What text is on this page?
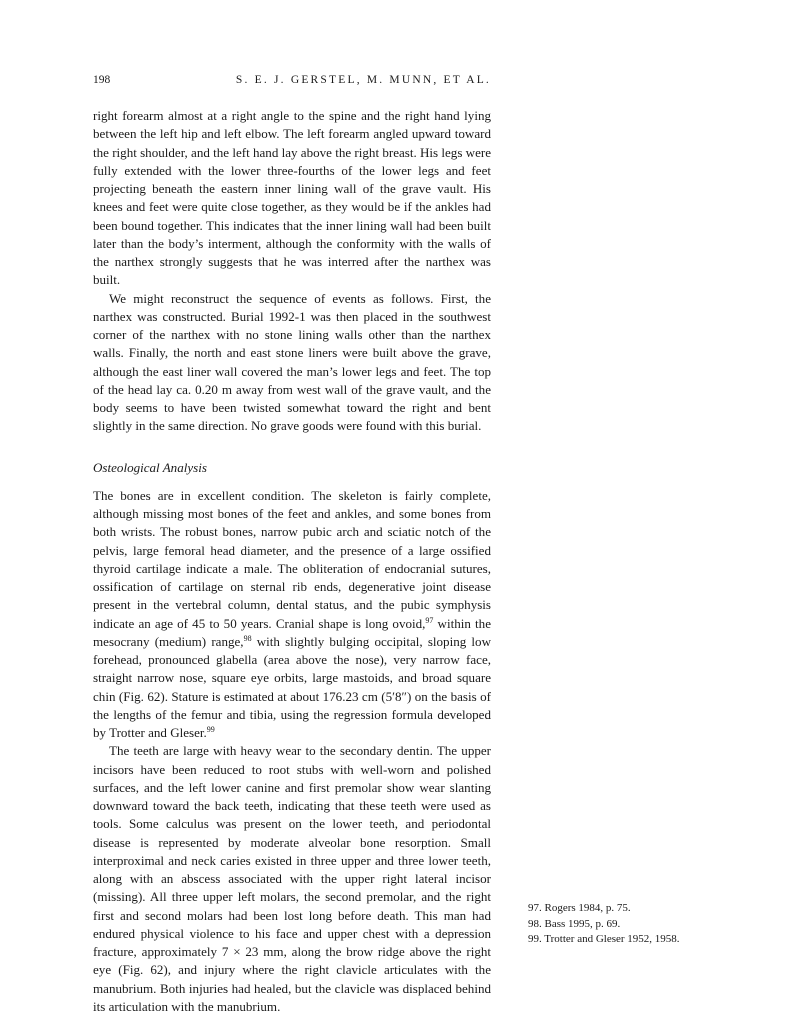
198	S. E. J. GERSTEL, M. MUNN, ET AL.

right forearm almost at a right angle to the spine and the right hand lying between the left hip and left elbow. The left forearm angled upward toward the right shoulder, and the left hand lay above the right breast. His legs were fully extended with the lower three-fourths of the lower legs and feet projecting beneath the eastern inner lining wall of the grave vault. His knees and feet were quite close together, as they would be if the ankles had been bound together. This indicates that the inner lining wall had been built later than the body’s interment, although the conformity with the walls of the narthex strongly suggests that he was interred after the narthex was built.

We might reconstruct the sequence of events as follows. First, the narthex was constructed. Burial 1992-1 was then placed in the southwest corner of the narthex with no stone lining walls other than the narthex walls. Finally, the north and east stone liners were built above the grave, although the east liner wall covered the man’s lower legs and feet. The top of the head lay ca. 0.20 m away from west wall of the grave vault, and the body seems to have been twisted somewhat toward the right and bent slightly in the same direction. No grave goods were found with this burial.

Osteological Analysis

The bones are in excellent condition. The skeleton is fairly complete, although missing most bones of the feet and ankles, and some bones from both wrists. The robust bones, narrow pubic arch and sciatic notch of the pelvis, large femoral head diameter, and the presence of a large ossified thyroid cartilage indicate a male. The obliteration of endocranial sutures, ossification of cartilage on sternal rib ends, degenerative joint disease present in the vertebral column, dental status, and the pubic symphysis indicate an age of 45 to 50 years. Cranial shape is long ovoid,$^{97}$ within the mesocrany (medium) range,$^{98}$ with slightly bulging occipital, sloping low forehead, pronounced glabella (area above the nose), very narrow face, straight narrow nose, square eye orbits, large mastoids, and broad square chin (Fig. 62). Stature is estimated at about 176.23 cm (5′8″) on the basis of the lengths of the femur and tibia, using the regression formula developed by Trotter and Gleser.$^{99}$

The teeth are large with heavy wear to the secondary dentin. The upper incisors have been reduced to root stubs with well-worn and polished surfaces, and the left lower canine and first premolar show wear slanting downward toward the back teeth, indicating that these teeth were used as tools. Some calculus was present on the lower teeth, and periodontal disease is represented by moderate alveolar bone resorption. Small interproximal and neck caries existed in three upper and three lower teeth, along with an abscess associated with the upper right lateral incisor (missing). All three upper left molars, the second premolar, and the right first and second molars had been lost long before death. This man had endured physical violence to his face and upper chest with a depression fracture, approximately 7 × 23 mm, along the brow ridge above the right eye (Fig. 62), and injury where the right clavicle articulates with the manubrium. Both injuries had healed, but the clavicle was displaced behind its articulation with the manubrium.

97. Rogers 1984, p. 75.
98. Bass 1995, p. 69.
99. Trotter and Gleser 1952, 1958.
